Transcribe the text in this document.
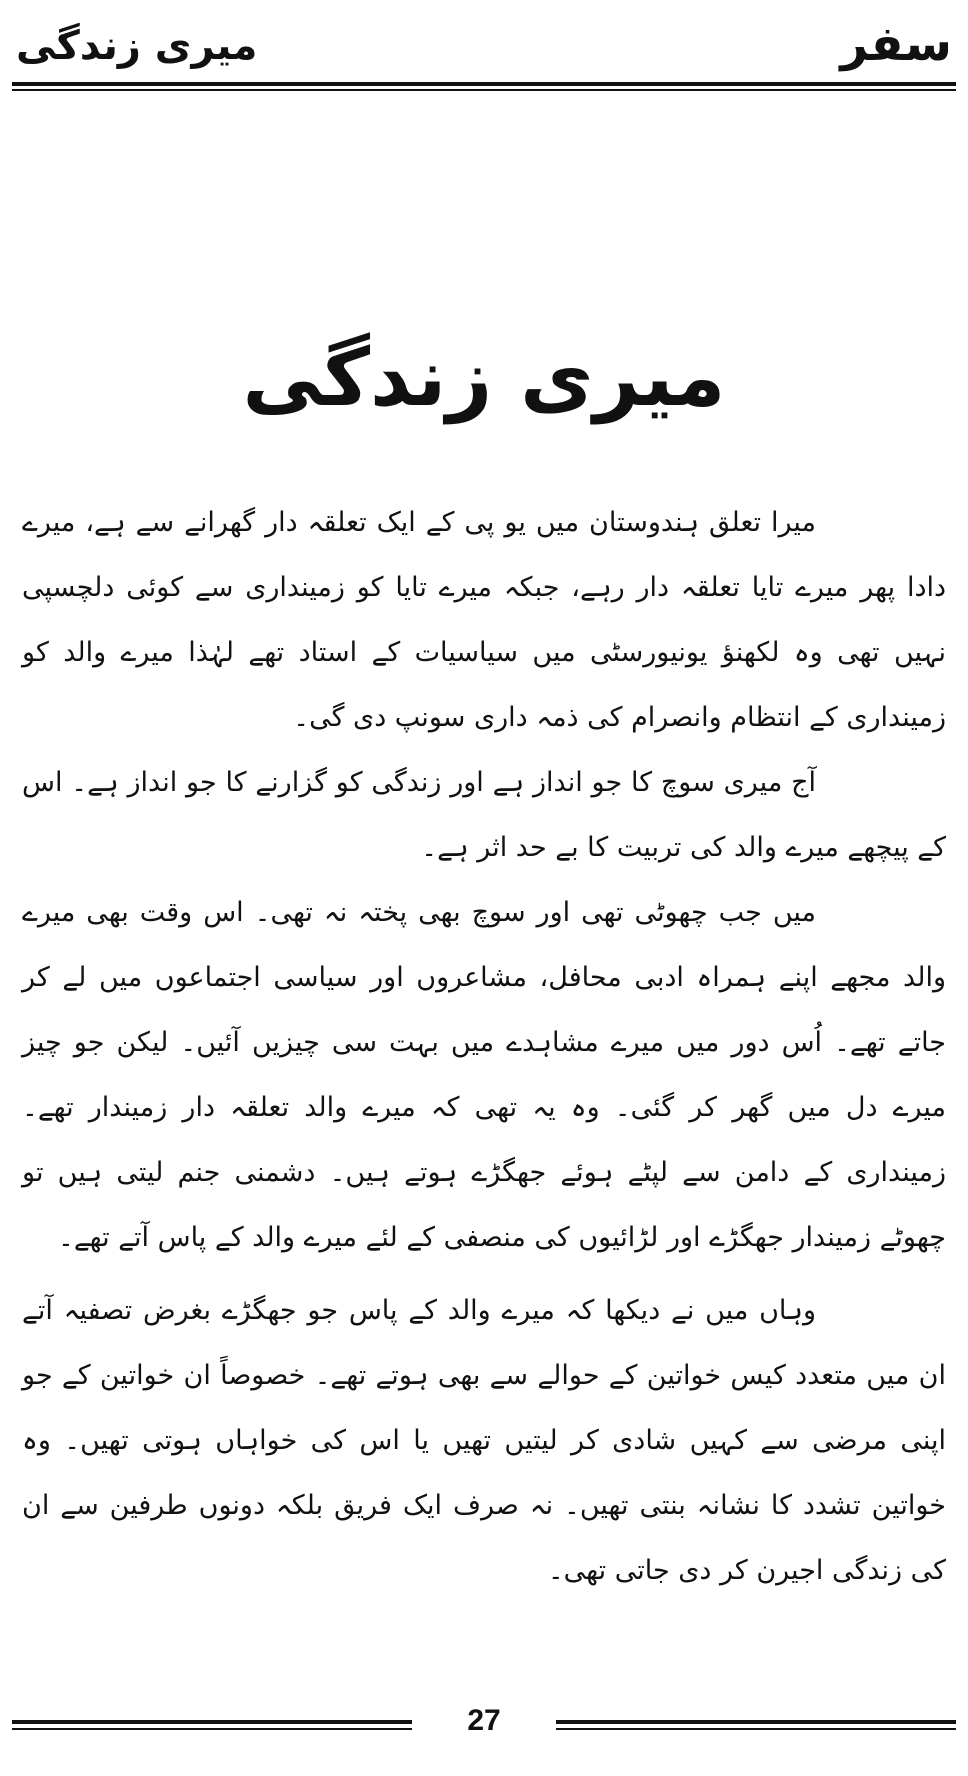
میری زندگی	سفر
میری زندگی

میرا تعلق ہندوستان میں یو پی کے ایک تعلقہ دار گھرانے سے ہے، میرے دادا پھر میرے تایا تعلقہ دار رہے، جبکہ میرے تایا کو زمینداری سے کوئی دلچسپی نہیں تھی وہ لکھنؤ یونیورسٹی میں سیاسیات کے استاد تھے لہٰذا میرے والد کو زمینداری کے انتظام وانصرام کی ذمہ داری سونپ دی گی۔

آج میری سوچ کا جو انداز ہے اور زندگی کو گزارنے کا جو انداز ہے۔ اس کے پیچھے میرے والد کی تربیت کا بے حد اثر ہے۔

میں جب چھوٹی تھی اور سوچ بھی پختہ نہ تھی۔ اس وقت بھی میرے والد مجھے اپنے ہمراہ ادبی محافل، مشاعروں اور سیاسی اجتماعوں میں لے کر جاتے تھے۔ اُس دور میں میرے مشاہدے میں بہت سی چیزیں آئیں۔ لیکن جو چیز میرے دل میں گھر کر گئی۔ وہ یہ تھی کہ میرے والد تعلقہ دار زمیندار تھے۔ زمینداری کے دامن سے لپٹے ہوئے جھگڑے ہوتے ہیں۔ دشمنی جنم لیتی ہیں تو چھوٹے زمیندار جھگڑے اور لڑائیوں کی منصفی کے لئے میرے والد کے پاس آتے تھے۔

وہاں میں نے دیکھا کہ میرے والد کے پاس جو جھگڑے بغرض تصفیہ آتے ان میں متعدد کیس خواتین کے حوالے سے بھی ہوتے تھے۔ خصوصاً ان خواتین کے جو اپنی مرضی سے کہیں شادی کر لیتیں تھیں یا اس کی خواہاں ہوتی تھیں۔ وہ خواتین تشدد کا نشانہ بنتی تھیں۔ نہ صرف ایک فریق بلکہ دونوں طرفین سے ان کی زندگی اجیرن کر دی جاتی تھی۔

27
